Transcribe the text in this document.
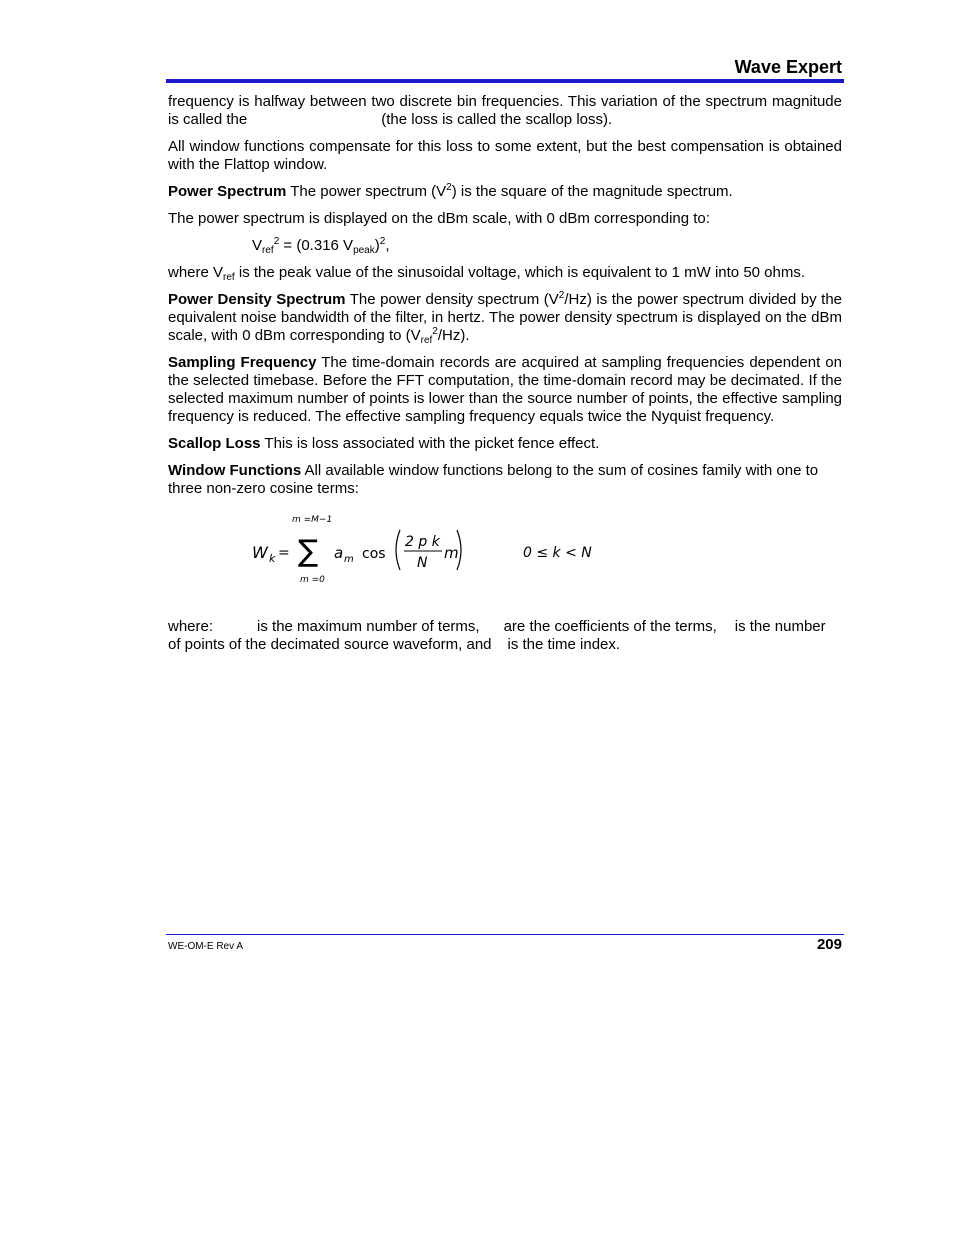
Wave Expert

frequency is halfway between two discrete bin frequencies. This variation of the spectrum magnitude is called the	(the loss is called the scallop loss).

All window functions compensate for this loss to some extent, but the best compensation is obtained with the Flattop window.

Power Spectrum The power spectrum $(V^2)$ is the square of the magnitude spectrum.

The power spectrum is displayed on the dBm scale, with 0 dBm corresponding to:

$V_{ref}^2 = (0.316$ $V_{peak})^2$,

where $V_{ref}$ is the peak value of the sinusoidal voltage, which is equivalent to 1 mW into 50 ohms.

Power Density Spectrum The power density spectrum $(V^2/Hz)$ is the power spectrum divided by the equivalent noise bandwidth of the filter, in hertz. The power density spectrum is displayed on the dBm scale, with 0 dBm corresponding to $(V_{ref}^2/Hz)$.

Sampling Frequency The time-domain records are acquired at sampling frequencies dependent on the selected timebase. Before the FFT computation, the time-domain record may be decimated. If the selected maximum number of points is lower than the source number of points, the effective sampling frequency is reduced. The effective sampling frequency equals twice the Nyquist frequency.

Scallop Loss This is loss associated with the picket fence effect.

Window Functions All available window functions belong to the sum of cosines family with one to three non-zero cosine terms:

W k =
m =M−1
∑
m =0
a m cos
2 p k
N
m	0 ≤ k < N

where:	is the maximum number of terms, are the coefficients of the terms, is the number
of points of the decimated source waveform, and is the time index.

WE-OM-E Rev A	209
